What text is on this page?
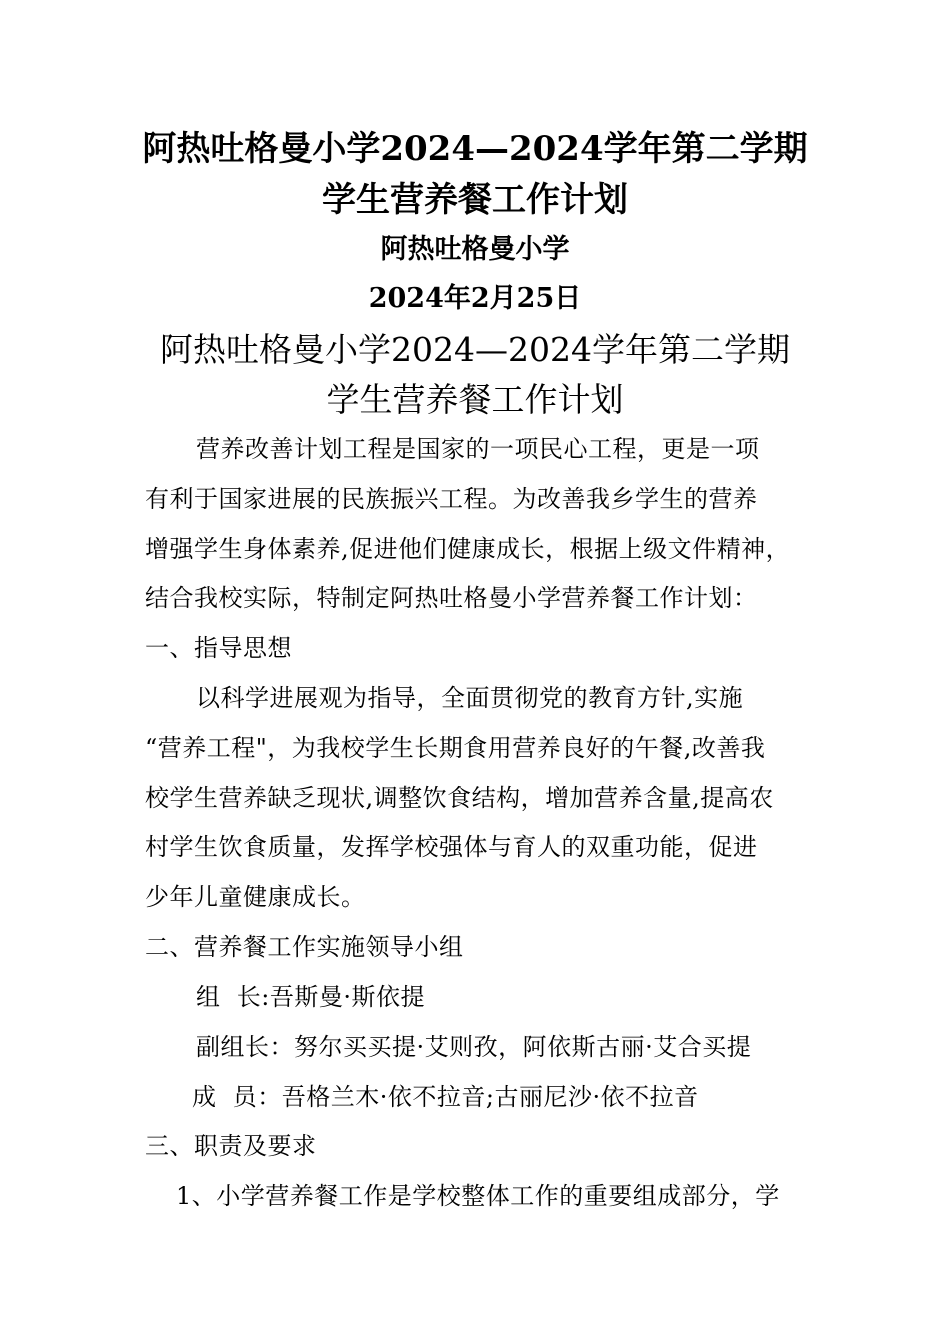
阿热吐格曼小学2024—2024学年第二学期
学生营养餐工作计划
阿热吐格曼小学
2024年2月25日
阿热吐格曼小学2024—2024学年第二学期
学生营养餐工作计划
营养改善计划工程是国家的一项民心工程，更是一项
有利于国家进展的民族振兴工程。为改善我乡学生的营养
增强学生身体素养,促进他们健康成长，根据上级文件精神，
结合我校实际，特制定阿热吐格曼小学营养餐工作计划：
一、指导思想
以科学进展观为指导，全面贯彻党的教育方针,实施
“营养工程"，为我校学生长期食用营养良好的午餐,改善我
校学生营养缺乏现状,调整饮食结构，增加营养含量,提高农
村学生饮食质量，发挥学校强体与育人的双重功能，促进
少年儿童健康成长。
二、营养餐工作实施领导小组
组  长:吾斯曼·斯依提
副组长：努尔买买提·艾则孜，阿依斯古丽·艾合买提
成  员：吾格兰木·依不拉音;古丽尼沙·依不拉音
三、职责及要求
1、小学营养餐工作是学校整体工作的重要组成部分，学
